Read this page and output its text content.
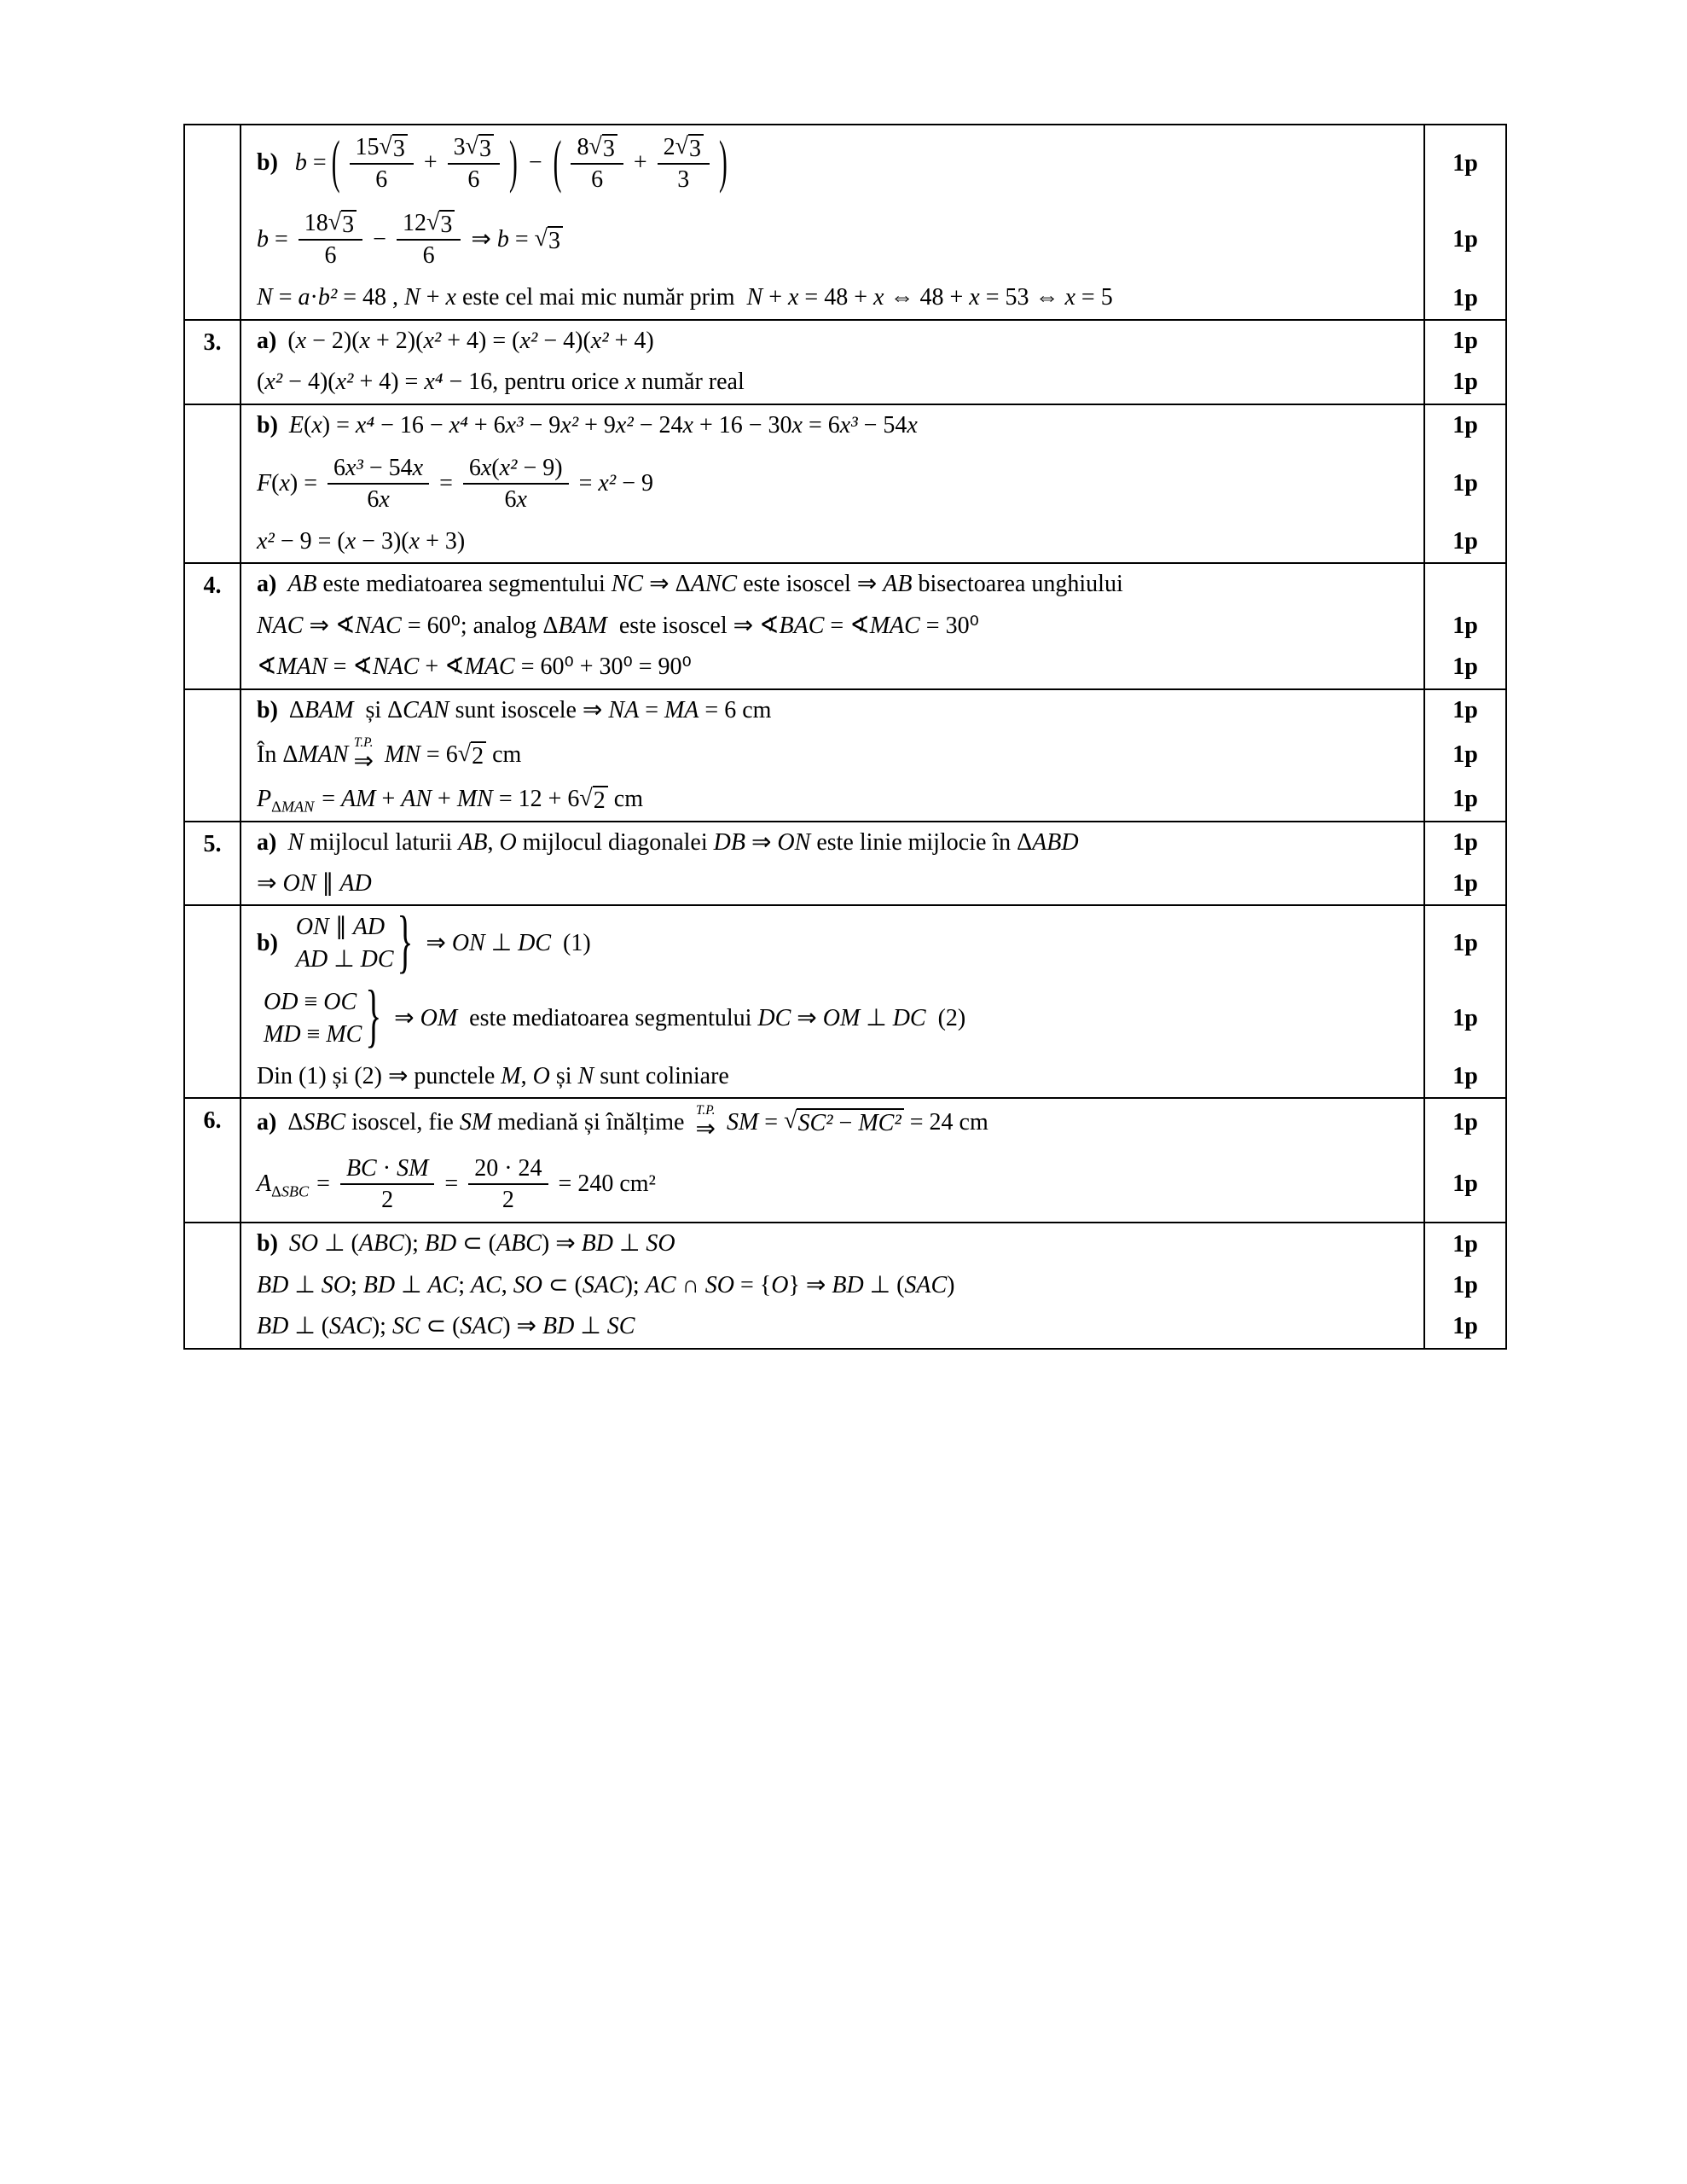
b) b = ( $\frac{15 √ 3}{6} + \frac{3 √ 3}{6}$ ) − ( $\frac{8 √ 3}{6} + \frac{2 √ 3}{3}$ )	1p
$b = \frac{18 √ 3}{6} - \frac{12 √ 3}{6}$ ⇒ b = √ 3	1p
N = a·b² = 48 , N + x este cel mai mic număr prim N + x = 48 + x ⇔ 48 + x = 53 ⇔ x = 5	1p
3.	a) (x − 2)(x + 2)(x² + 4) = (x² − 4)(x² + 4)	1p
(x² − 4)(x² + 4) = x⁴ − 16, pentru orice x număr real	1p
b) E(x) = x⁴ − 16 − x⁴ + 6x³ − 9x² + 9x² − 24x + 16 − 30x = 6x³ − 54x	1p
$F(x) = \frac{\text{6x³ − 54x}}{6x} = \frac{\text{6x(x² − 9)}}{6x} = x^2 - 9$	1p
x² − 9 = (x − 3)(x + 3)	1p
4.	a) AB este mediatoarea segmentului NC ⇒ ΔANC este isoscel ⇒ AB bisectoarea unghiului
NAC ⇒ ∢NAC = 60⁰; analog ΔBAM este isoscel ⇒ ∢BAC = ∢MAC = 30⁰	1p
∢MAN = ∢NAC + ∢MAC = 60⁰ + 30⁰ = 90⁰	1p
b) ΔBAM și ΔCAN sunt isoscele ⇒ NA = MA = 6 cm	1p
În ΔMAN T.P.
⇒ MN = 6 √ 2 cm	1p
P ΔMAN = AM + AN + MN = 12 + 6 √ 2 cm	1p
5.	a) N mijlocul laturii AB,
O mijlocul diagonalei DB ⇒ ON este linie mijlocie în ΔABD	1p
⇒ ON ∥ AD	1p
b)
ON ∥ AD
AD ⊥ DC } ⇒ ON ⊥ DC (1)	1p
OD ≡ OC
MD ≡ MC } ⇒ OM este mediatoarea segmentului DC ⇒ OM ⊥ DC (2)	1p
Din (1) și (2) ⇒ punctele M, O și N sunt coliniare	1p
6.	a) ΔSBC isoscel, fie SM mediană și înălțime T.P.
⇒ SM = √ SC² − MC² = 24 cm	1p
A $\Delta SBC = \frac{BC \cdot SM}{2} = \frac{20 \cdot 24}{2} = 240$ cm²	1p
b) SO ⊥ (ABC); BD ⊂ (ABC) ⇒ BD ⊥ SO	1p
BD ⊥ SO; BD ⊥ AC; AC, SO ⊂ (SAC); AC ∩ SO = {O} ⇒ BD ⊥ (SAC)	1p
BD ⊥ (SAC); SC ⊂ (SAC) ⇒ BD ⊥ SC	1p
